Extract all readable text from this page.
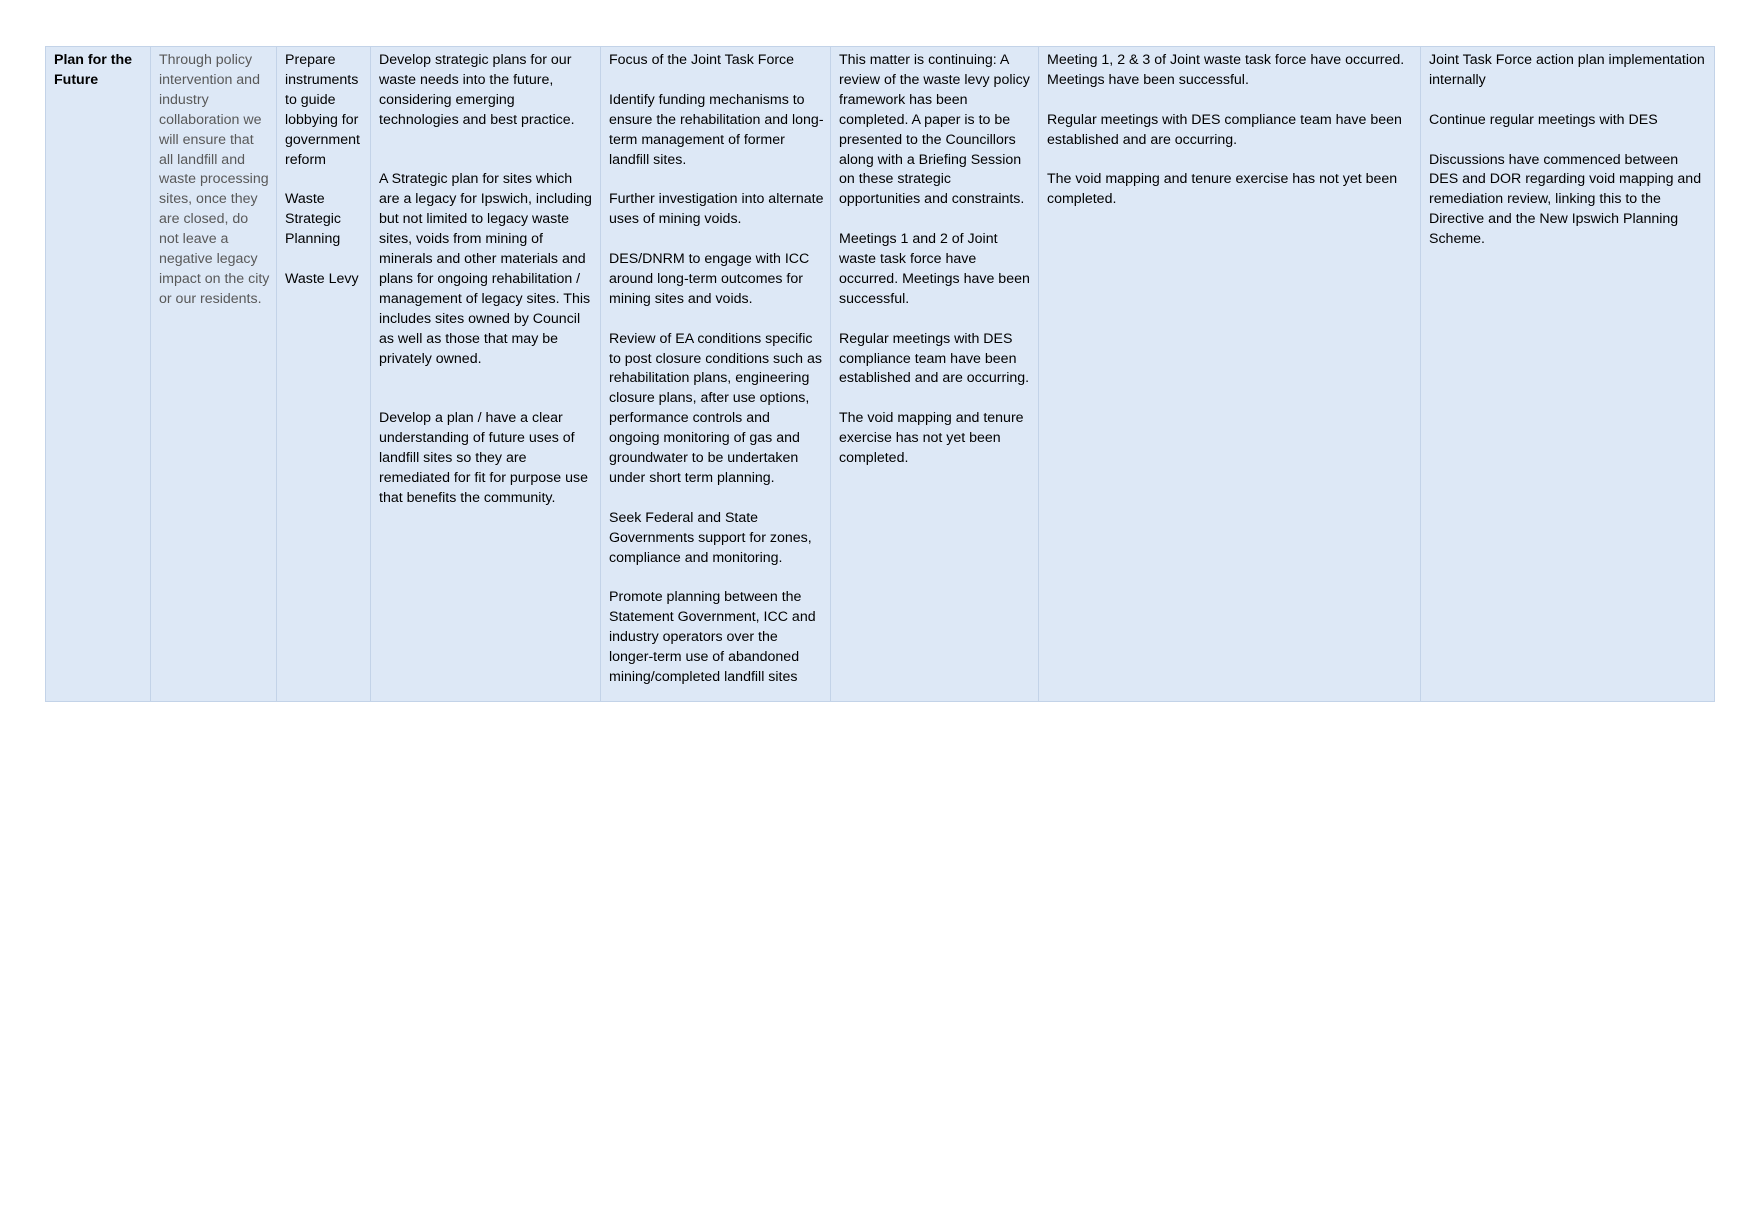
Plan for the Future
Through policy intervention and industry collaboration we will ensure that all landfill and waste processing sites, once they are closed, do not leave a negative legacy impact on the city or our residents.
Prepare instruments to guide lobbying for government reform
Waste Strategic Planning
Waste Levy
Develop strategic plans for our waste needs into the future, considering emerging technologies and best practice.
A Strategic plan for sites which are a legacy for Ipswich, including but not limited to legacy waste sites, voids from mining of minerals and other materials and plans for ongoing rehabilitation / management of legacy sites. This includes sites owned by Council as well as those that may be privately owned.
Develop a plan / have a clear understanding of future uses of landfill sites so they are remediated for fit for purpose use that benefits the community.
Focus of the Joint Task Force
Identify funding mechanisms to ensure the rehabilitation and long-term management of former landfill sites.
Further investigation into alternate uses of mining voids.
DES/DNRM to engage with ICC around long-term outcomes for mining sites and voids.
Review of EA conditions specific to post closure conditions such as rehabilitation plans, engineering closure plans, after use options, performance controls and ongoing monitoring of gas and groundwater to be undertaken under short term planning.
Seek Federal and State Governments support for zones, compliance and monitoring.
Promote planning between the Statement Government, ICC and industry operators over the longer-term use of abandoned mining/completed landfill sites
This matter is continuing: A review of the waste levy policy framework has been completed. A paper is to be presented to the Councillors along with a Briefing Session on these strategic opportunities and constraints.
Meetings 1 and 2 of Joint waste task force have occurred. Meetings have been successful.
Regular meetings with DES compliance team have been established and are occurring.
The void mapping and tenure exercise has not yet been completed.
Meeting 1, 2 & 3 of Joint waste task force have occurred. Meetings have been successful.
Regular meetings with DES compliance team have been established and are occurring.
The void mapping and tenure exercise has not yet been completed.
Joint Task Force action plan implementation internally
Continue regular meetings with DES
Discussions have commenced between DES and DOR regarding void mapping and remediation review, linking this to the Directive and the New Ipswich Planning Scheme.
